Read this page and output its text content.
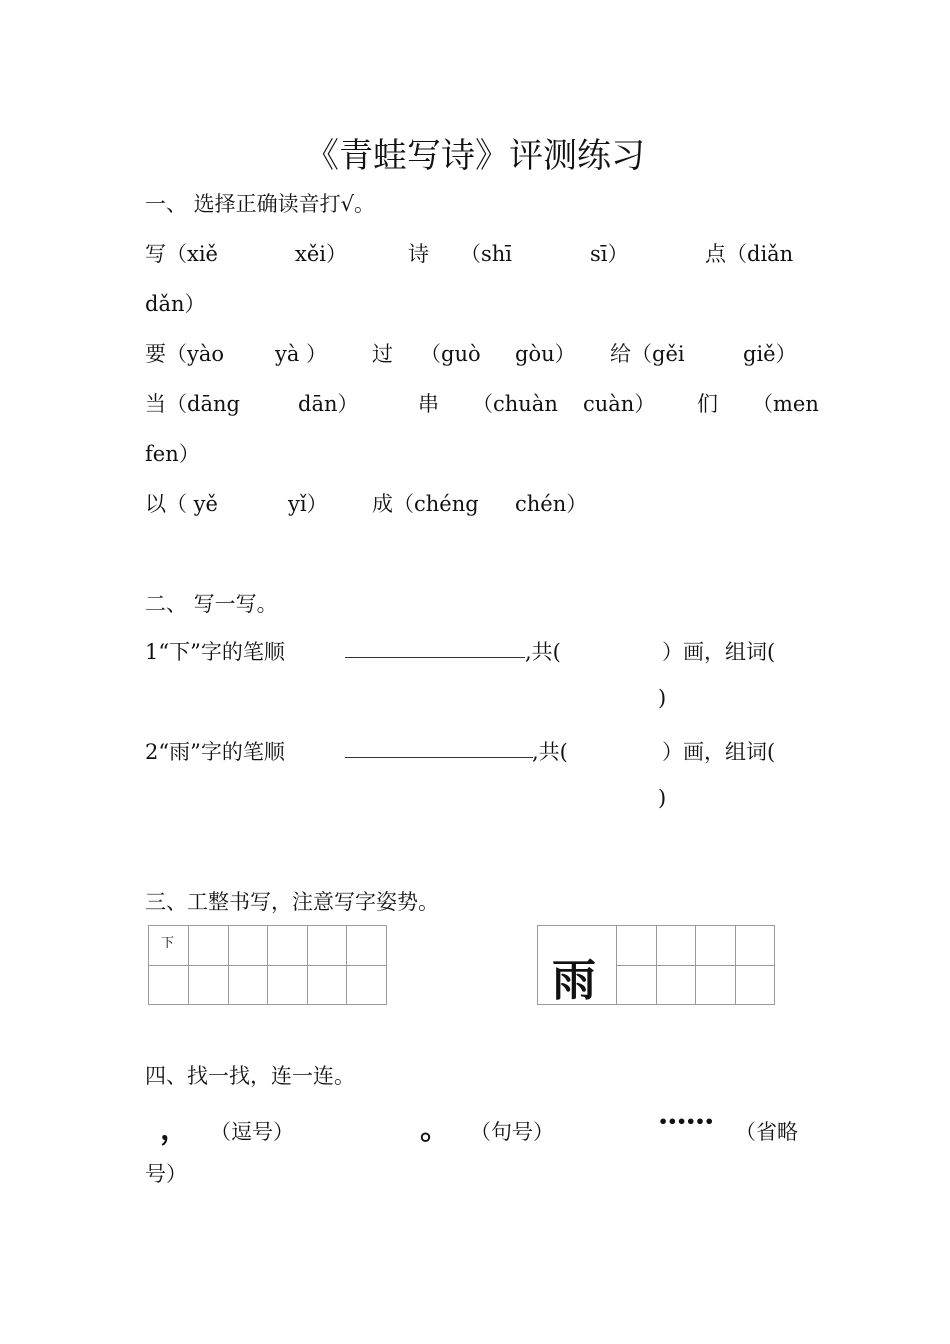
《青蛙写诗》评测练习
一、 选择正确读音打√。
写（xiě	xěi）	诗 （shī	sī）	点（diǎn
dǎn）
要（yào yà ） 过 （guò gòu） 给（gěi	giě）
当（dāng	dān）	串 （chuàn cuàn） 们 （men
fen）
以（ yě	yǐ） 成（chéng chén）
二、 写一写。
1“下”字的笔顺	,共(	）画，组词(
)
2“雨”字的笔顺	,共(	）画，组词(
)
三、工整书写，注意写字姿势。
下
雨
四、找一找，连一连。
， （逗号）	。 （句号）	•••••• （省略
号）
